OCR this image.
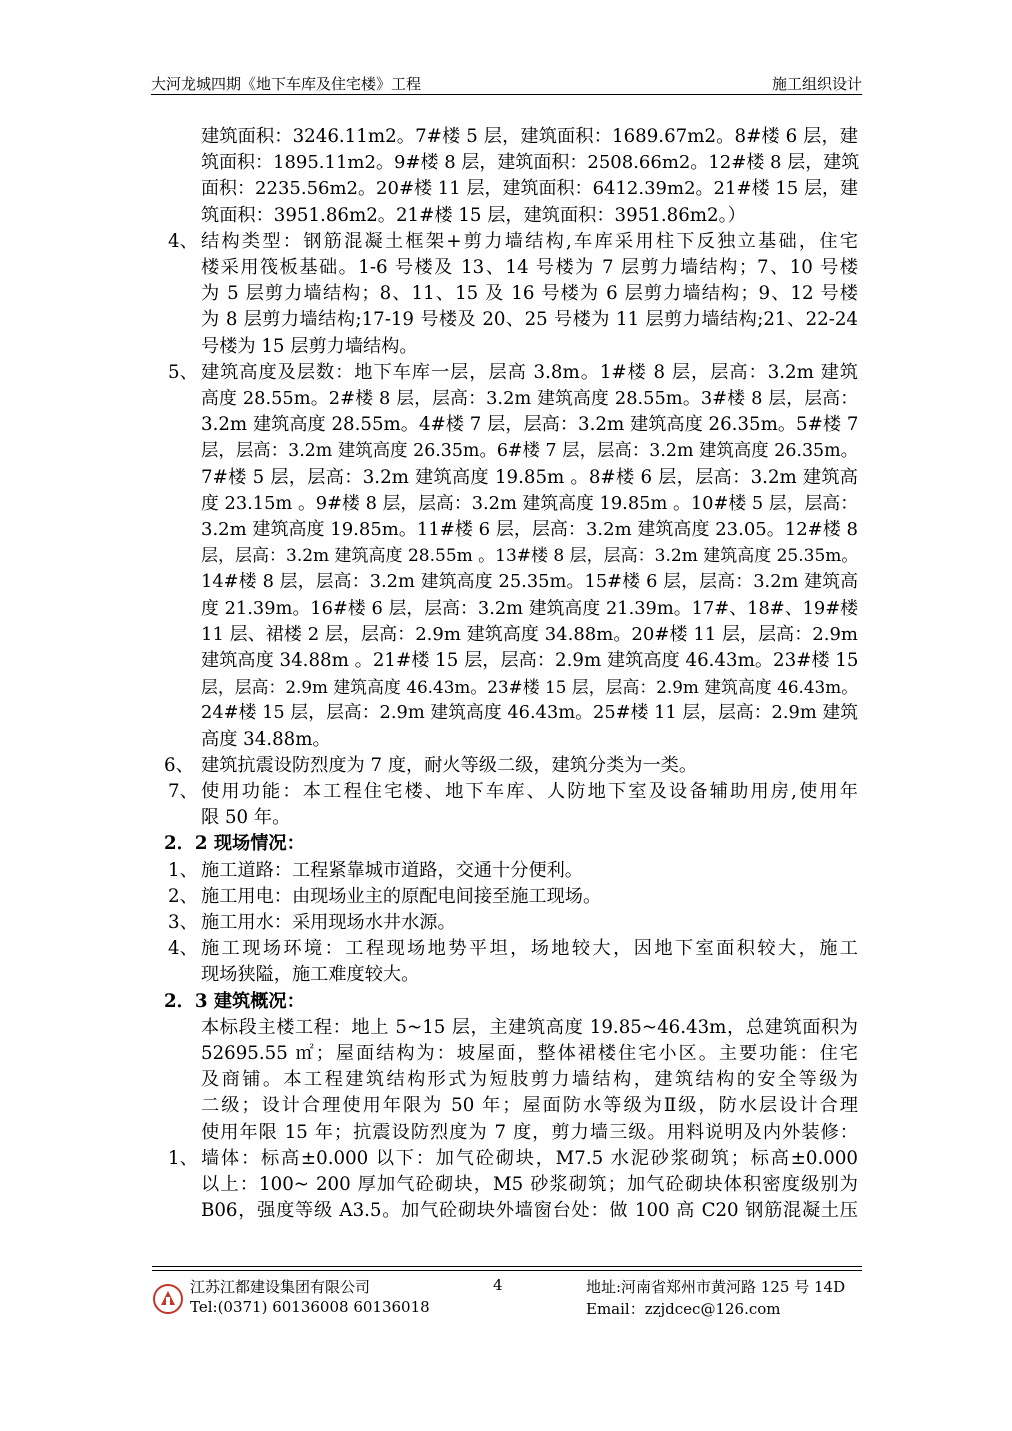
大河龙城四期《地下车库及住宅楼》工程	施工组织设计
建筑面积：3246.11m2。7#楼 5 层，建筑面积：1689.67m2。8#楼 6 层，建
筑面积：1895.11m2。9#楼 8 层，建筑面积：2508.66m2。12#楼 8 层，建筑
面积：2235.56m2。20#楼 11 层，建筑面积：6412.39m2。21#楼 15 层，建
筑面积：3951.86m2。21#楼 15 层，建筑面积：3951.86m2。）
4、 结构类型：钢筋混凝土框架+剪力墙结构,车库采用柱下反独立基础，住宅
楼采用筏板基础。1-6 号楼及 13、14 号楼为 7 层剪力墙结构；7、10 号楼
为 5 层剪力墙结构；8、11、15 及 16 号楼为 6 层剪力墙结构；9、12 号楼
为 8 层剪力墙结构;17-19 号楼及 20、25 号楼为 11 层剪力墙结构;21、22-24
号楼为 15 层剪力墙结构。
5、 建筑高度及层数：地下车库一层，层高 3.8m。1#楼 8 层，层高：3.2m 建筑
高度 28.55m。2#楼 8 层，层高：3.2m 建筑高度 28.55m。3#楼 8 层，层高：
3.2m 建筑高度 28.55m。4#楼 7 层，层高：3.2m 建筑高度 26.35m。5#楼 7
层，层高：3.2m 建筑高度 26.35m。6#楼 7 层，层高：3.2m 建筑高度 26.35m。
7#楼 5 层，层高：3.2m 建筑高度 19.85m 。8#楼 6 层，层高：3.2m 建筑高
度 23.15m 。9#楼 8 层，层高：3.2m 建筑高度 19.85m 。10#楼 5 层，层高：
3.2m 建筑高度 19.85m。11#楼 6 层，层高：3.2m 建筑高度 23.05。12#楼 8
层，层高：3.2m 建筑高度 28.55m 。13#楼 8 层，层高：3.2m 建筑高度 25.35m。
14#楼 8 层，层高：3.2m 建筑高度 25.35m。15#楼 6 层，层高：3.2m 建筑高
度 21.39m。16#楼 6 层，层高：3.2m 建筑高度 21.39m。17#、18#、19#楼
11 层、裙楼 2 层，层高：2.9m 建筑高度 34.88m。20#楼 11 层，层高：2.9m
建筑高度 34.88m 。21#楼 15 层，层高：2.9m 建筑高度 46.43m。23#楼 15
层，层高：2.9m 建筑高度 46.43m。23#楼 15 层，层高：2.9m 建筑高度 46.43m。
24#楼 15 层，层高：2.9m 建筑高度 46.43m。25#楼 11 层，层高：2.9m 建筑
高度 34.88m。
6、 建筑抗震设防烈度为 7 度，耐火等级二级，建筑分类为一类。
7、 使用功能：本工程住宅楼、地下车库、人防地下室及设备辅助用房,使用年
限 50 年。
2．2 现场情况：
1、 施工道路：工程紧靠城市道路，交通十分便利。
2、 施工用电：由现场业主的原配电间接至施工现场。
3、 施工用水：采用现场水井水源。
4、 施工现场环境：工程现场地势平坦，场地较大，因地下室面积较大，施工
现场狭隘，施工难度较大。
2．3 建筑概况：
本标段主楼工程：地上 5~15 层，主建筑高度 19.85~46.43m，总建筑面积为
52695.55 ㎡；屋面结构为：坡屋面，整体裙楼住宅小区。主要功能：住宅
及商铺。本工程建筑结构形式为短肢剪力墙结构，建筑结构的安全等级为
二级；设计合理使用年限为 50 年；屋面防水等级为Ⅱ级，防水层设计合理
使用年限 15 年；抗震设防烈度为 7 度，剪力墙三级。用料说明及内外装修：
1、 墙体：标高±0.000 以下：加气砼砌块，M7.5 水泥砂浆砌筑；标高±0.000
以上：100~ 200 厚加气砼砌块，M5 砂浆砌筑；加气砼砌块体积密度级别为
B06，强度等级 A3.5。加气砼砌块外墙窗台处：做 100 高 C20 钢筋混凝土压
江苏江都建设集团有限公司	4	地址:河南省郑州市黄河路 125 号 14D
Tel:(0371) 60136008 60136018	Email：zzjdcec@126.com
